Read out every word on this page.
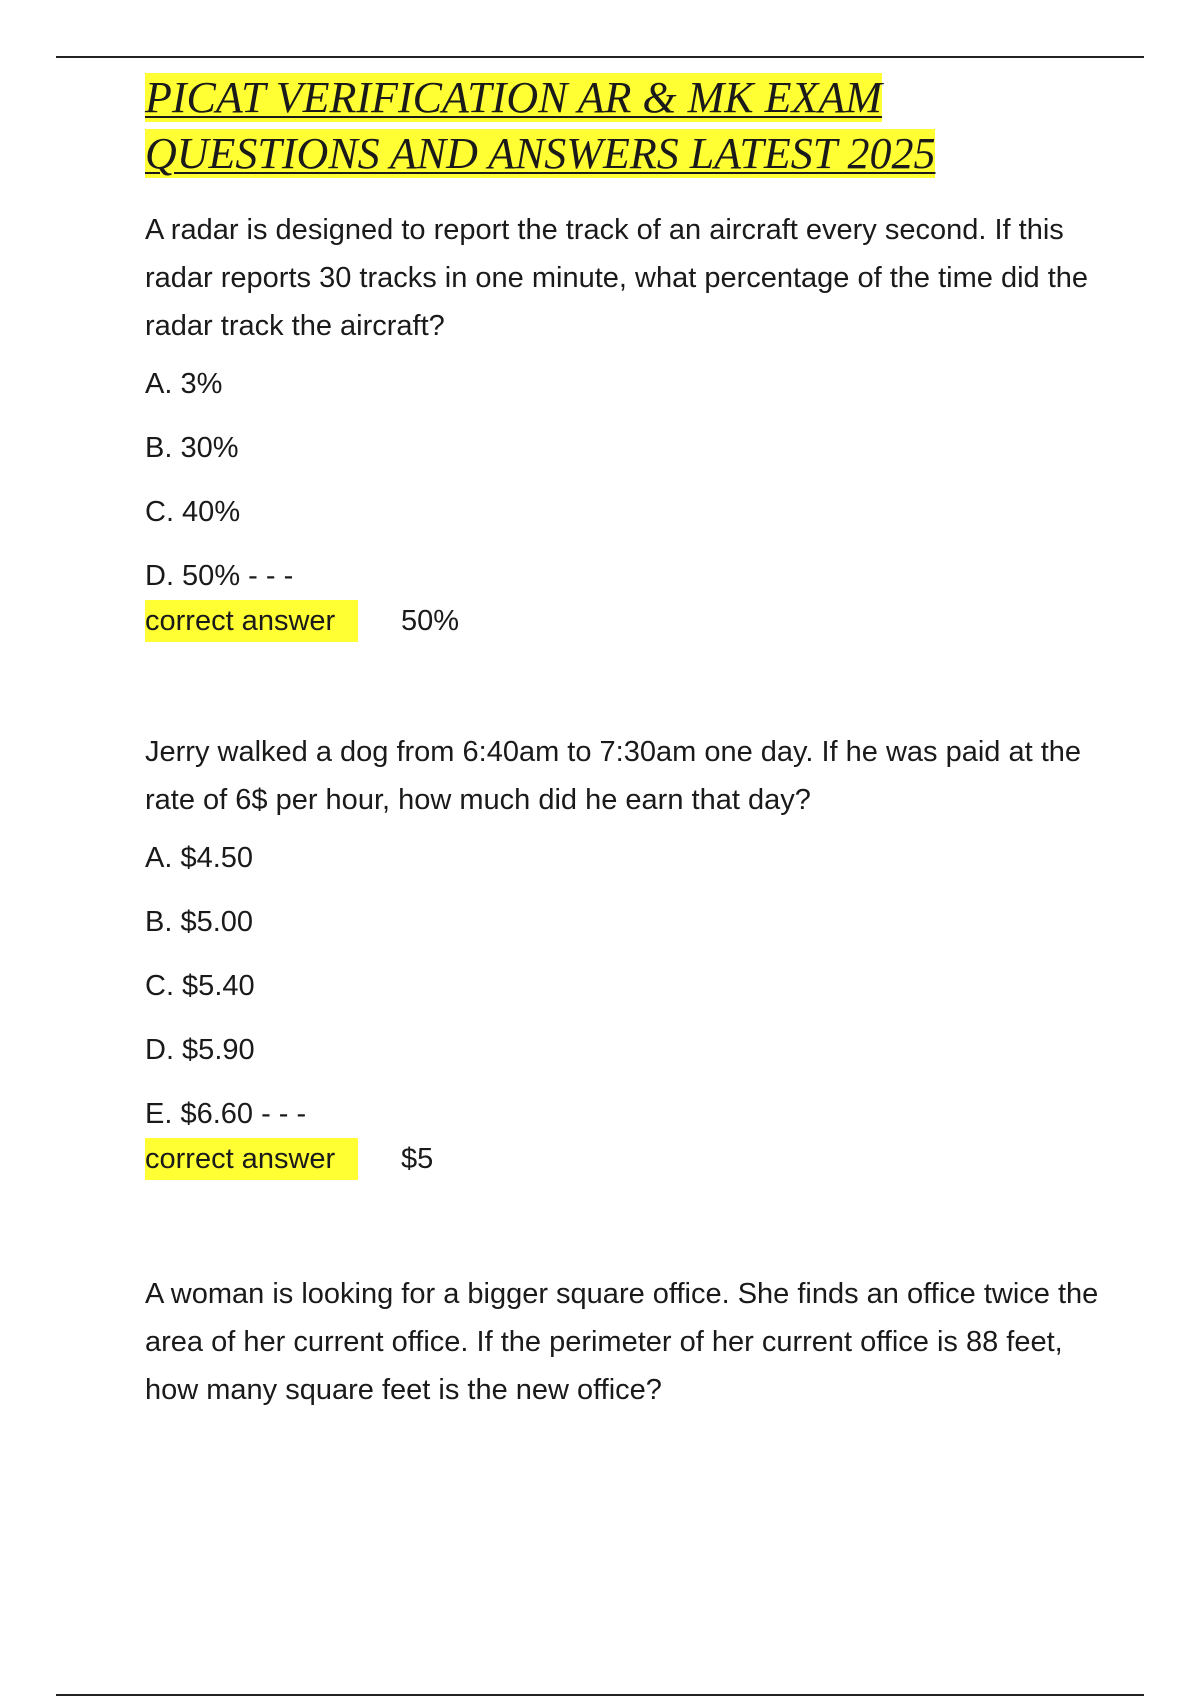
PICAT VERIFICATION AR & MK EXAM
QUESTIONS AND ANSWERS LATEST 2025

A radar is designed to report the track of an aircraft every second. If this radar reports 30 tracks in one minute, what percentage of the time did the radar track the aircraft?

A. 3%

B. 30%

C. 40%

D. 50% - - -

correct answer	50%

Jerry walked a dog from 6:40am to 7:30am one day. If he was paid at the rate of 6$ per hour, how much did he earn that day?

A. $4.50

B. $5.00

C. $5.40

D. $5.90

E. $6.60 - - -

correct answer	$5

A woman is looking for a bigger square office. She finds an office twice the area of her current office. If the perimeter of her current office is 88 feet, how many square feet is the new office?
